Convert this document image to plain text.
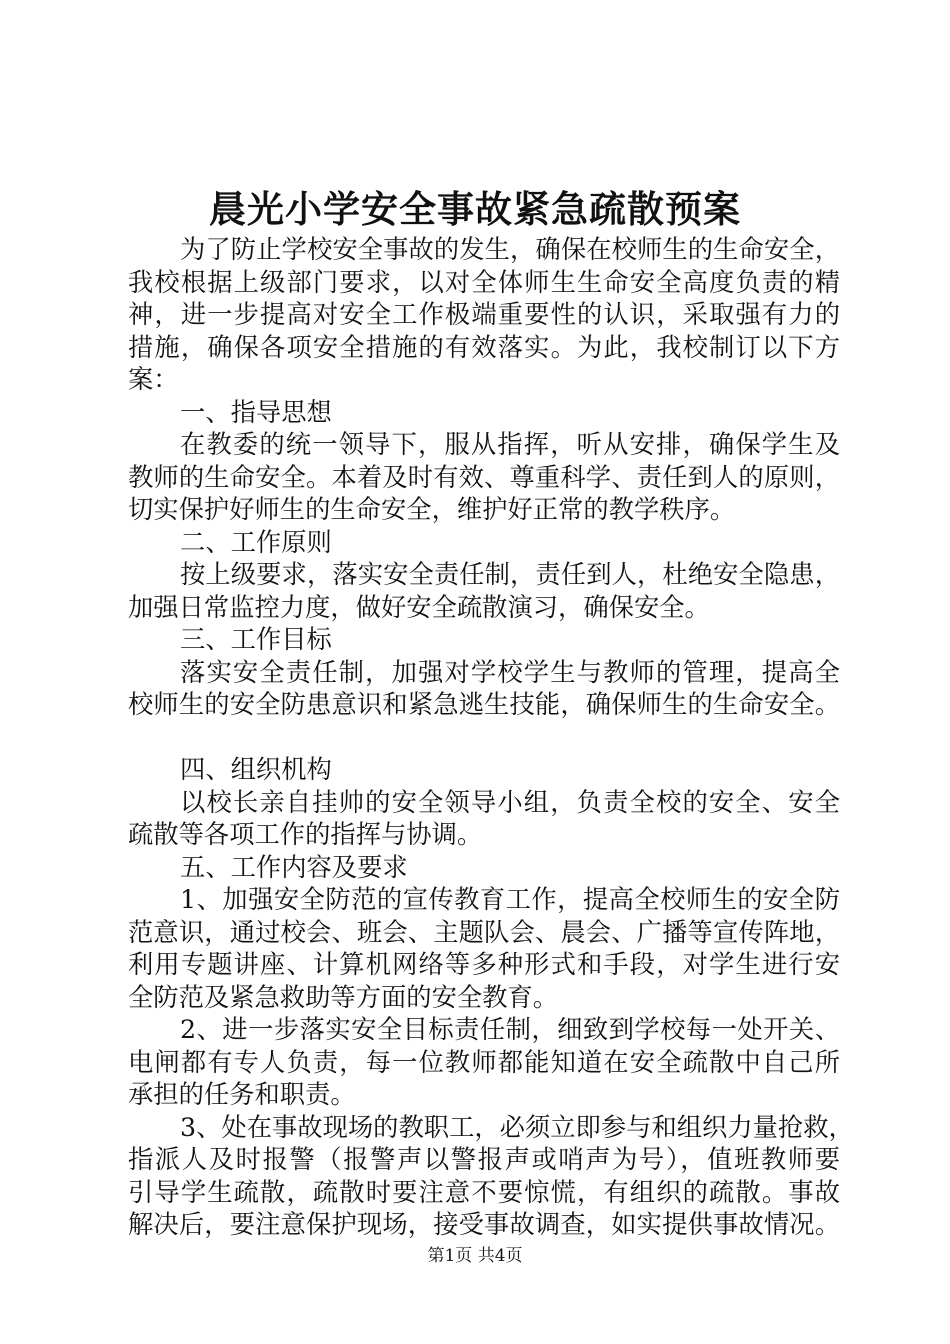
晨光小学安全事故紧急疏散预案
为了防止学校安全事故的发生，确保在校师生的生命安全，
我校根据上级部门要求，以对全体师生生命安全高度负责的精
神，进一步提高对安全工作极端重要性的认识，采取强有力的
措施，确保各项安全措施的有效落实。为此，我校制订以下方
案：
一、指导思想
在教委的统一领导下，服从指挥，听从安排，确保学生及
教师的生命安全。本着及时有效、尊重科学、责任到人的原则，
切实保护好师生的生命安全，维护好正常的教学秩序。
二、工作原则
按上级要求，落实安全责任制，责任到人，杜绝安全隐患，
加强日常监控力度，做好安全疏散演习，确保安全。
三、工作目标
落实安全责任制，加强对学校学生与教师的管理，提高全
校师生的安全防患意识和紧急逃生技能，确保师生的生命安全。
四、组织机构
以校长亲自挂帅的安全领导小组，负责全校的安全、安全
疏散等各项工作的指挥与协调。
五、工作内容及要求
1、加强安全防范的宣传教育工作，提高全校师生的安全防
范意识，通过校会、班会、主题队会、晨会、广播等宣传阵地，
利用专题讲座、计算机网络等多种形式和手段，对学生进行安
全防范及紧急救助等方面的安全教育。
2、进一步落实安全目标责任制，细致到学校每一处开关、
电闸都有专人负责，每一位教师都能知道在安全疏散中自己所
承担的任务和职责。
3、处在事故现场的教职工，必须立即参与和组织力量抢救，
指派人及时报警（报警声以警报声或哨声为号），值班教师要
引导学生疏散，疏散时要注意不要惊慌，有组织的疏散。事故
解决后，要注意保护现场，接受事故调查，如实提供事故情况。
第1页 共4页
